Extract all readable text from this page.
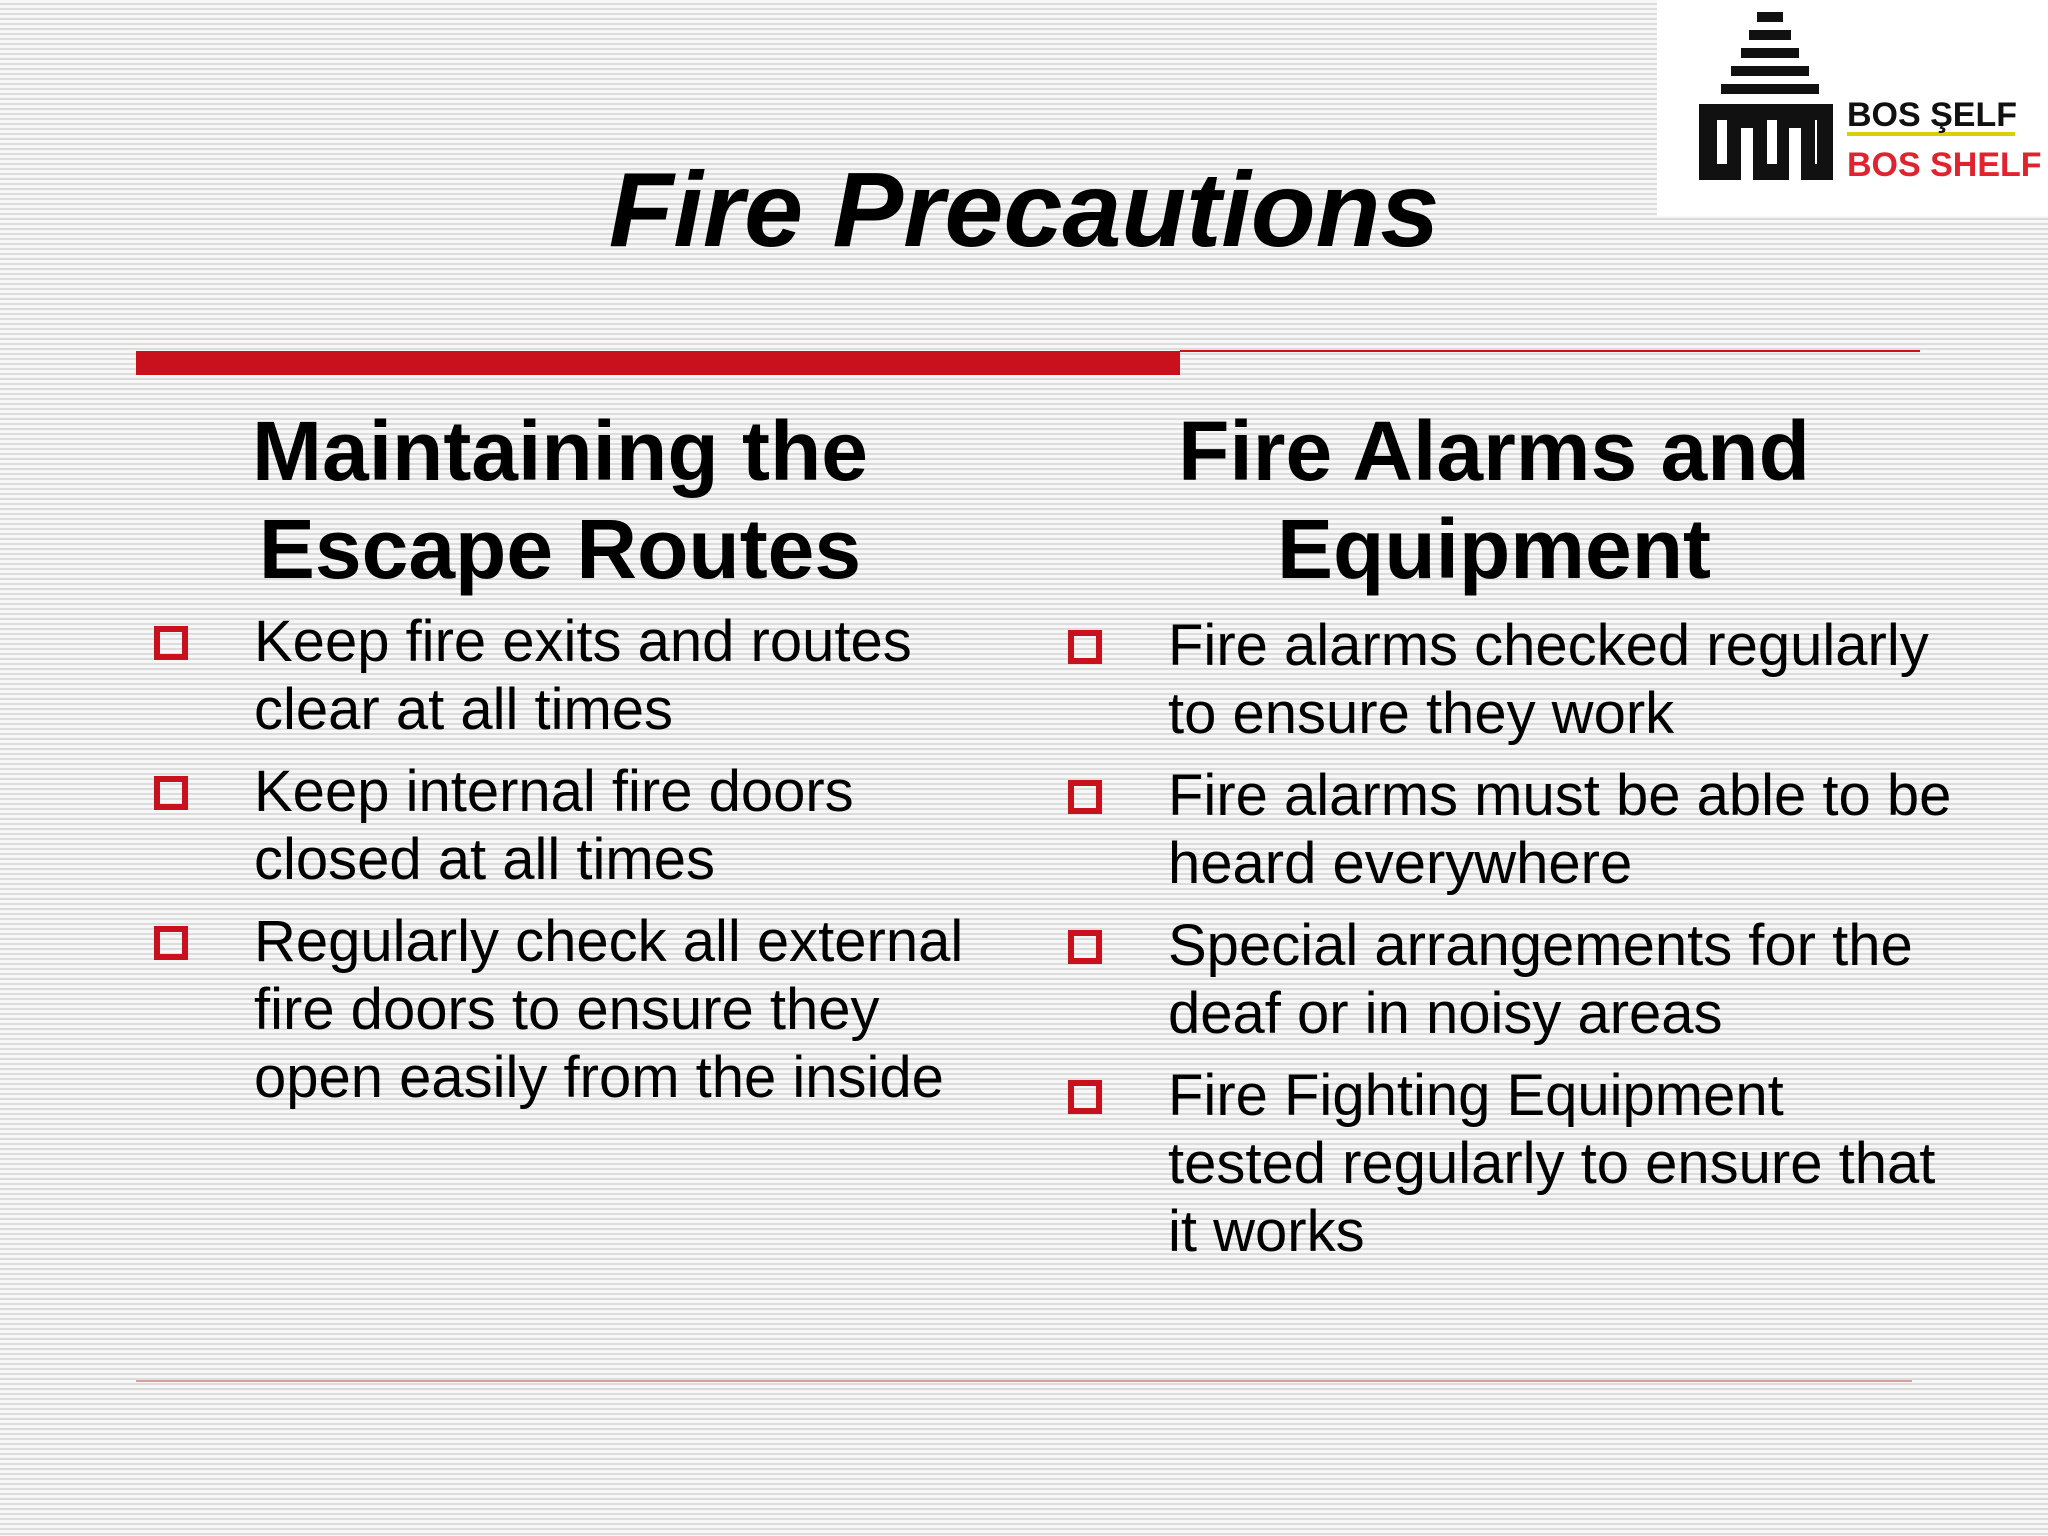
BOS ŞELF
BOS SHELF
Fire Precautions
Maintaining the Escape Routes
Keep fire exits and routes clear at all times
Keep internal fire doors closed at all times
Regularly check all external fire doors to ensure they open easily from the inside
Fire Alarms and Equipment
Fire alarms checked regularly to ensure they work
Fire alarms must be able to be heard everywhere
Special arrangements for the deaf or in noisy areas
Fire Fighting Equipment tested regularly to ensure that it works
